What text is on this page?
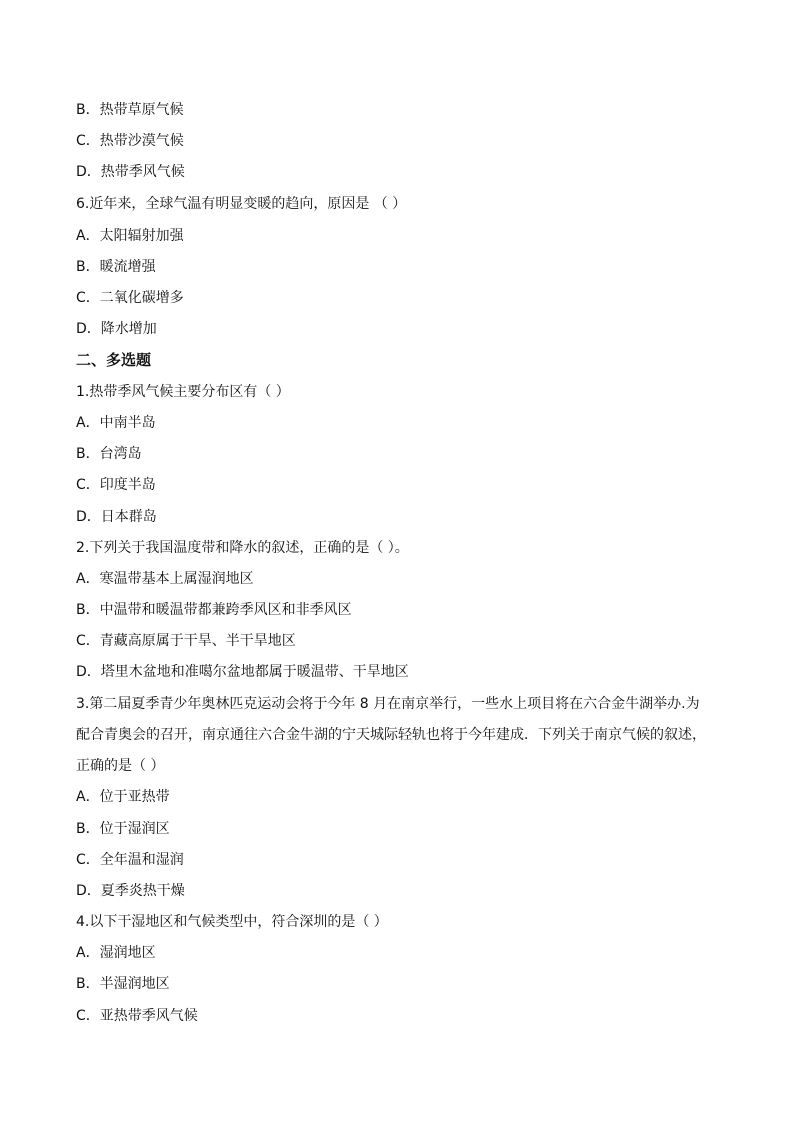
B．热带草原气候
C．热带沙漠气候
D．热带季风气候
6.近年来，全球气温有明显变暖的趋向，原因是 （ ）
A．太阳辐射加强
B．暖流增强
C．二氧化碳增多
D．降水增加
二、多选题
1.热带季风气候主要分布区有（ ）
A．中南半岛
B．台湾岛
C．印度半岛
D．日本群岛
2.下列关于我国温度带和降水的叙述，正确的是（ ）。
A．寒温带基本上属湿润地区
B．中温带和暖温带都兼跨季风区和非季风区
C．青藏高原属于干旱、半干旱地区
D．塔里木盆地和准噶尔盆地都属于暖温带、干旱地区
3.第二届夏季青少年奥林匹克运动会将于今年 8 月在南京举行，一些水上项目将在六合金牛湖举办.为
配合青奥会的召开，南京通往六合金牛湖的宁天城际轻轨也将于今年建成．下列关于南京气候的叙述，
正确的是（ ）
A．位于亚热带
B．位于湿润区
C．全年温和湿润
D．夏季炎热干燥
4.以下干湿地区和气候类型中，符合深圳的是（ ）
A．湿润地区
B．半湿润地区
C．亚热带季风气候
